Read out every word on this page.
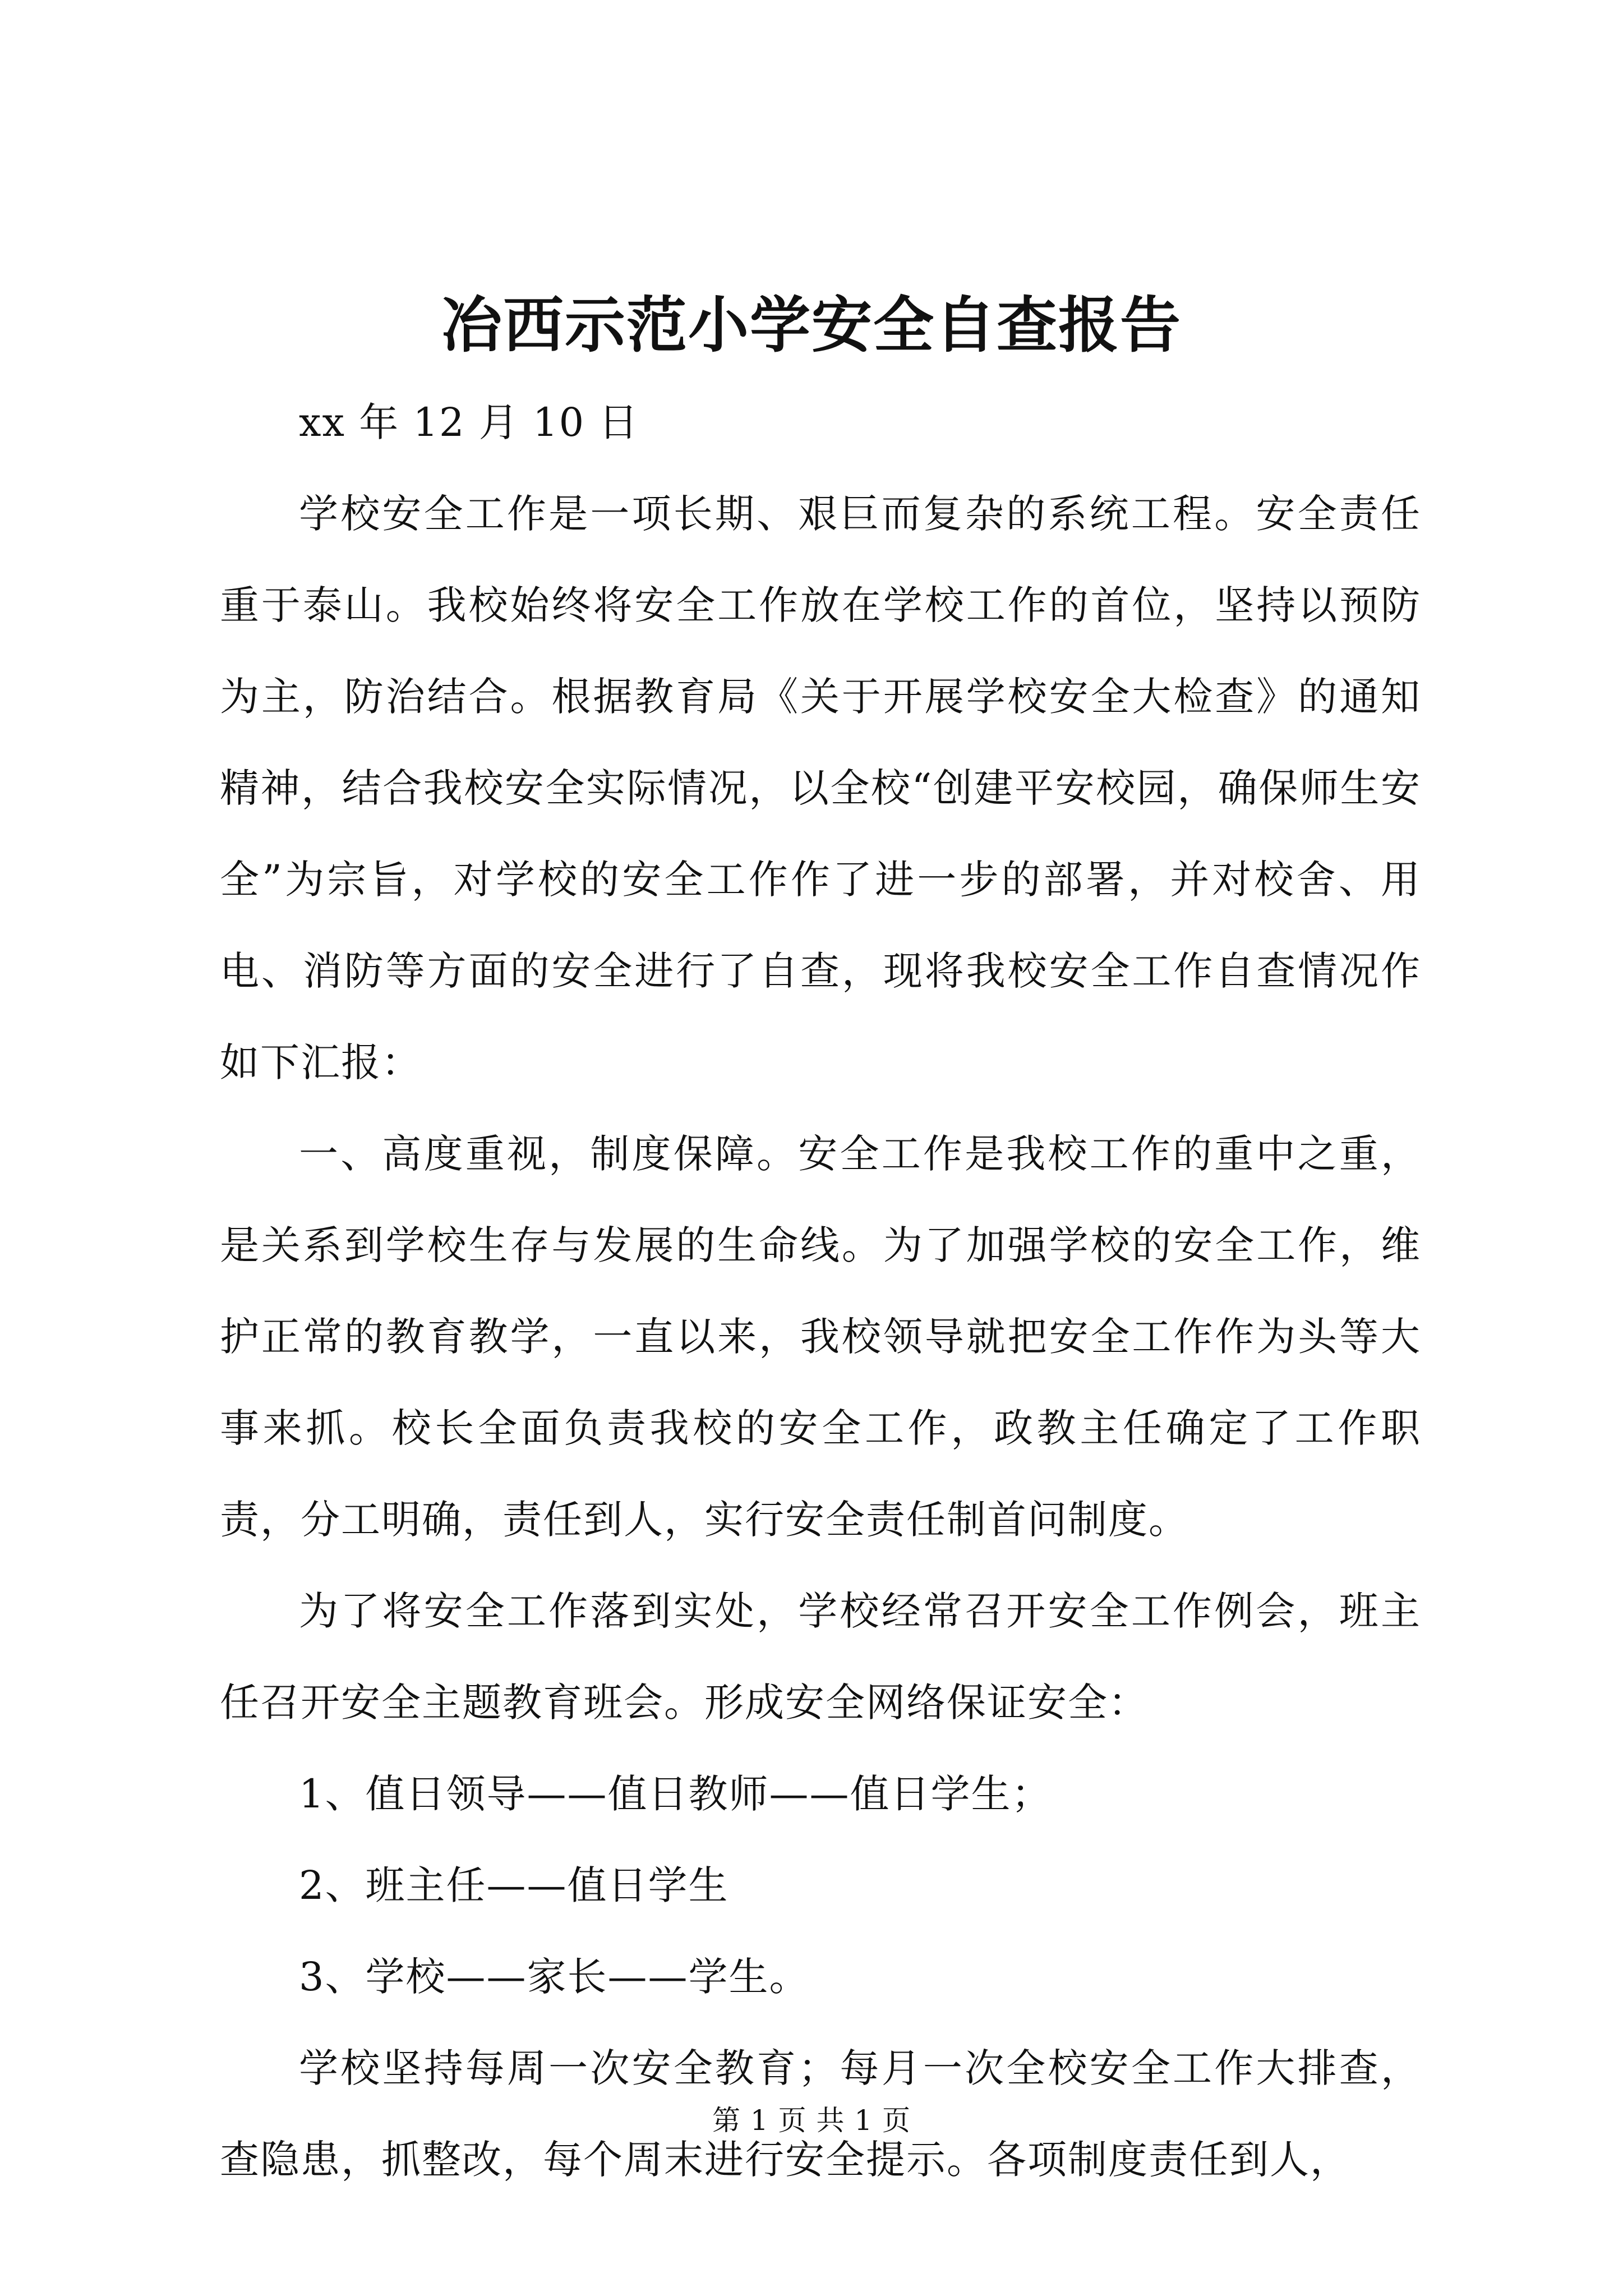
冶西示范小学安全自查报告

xx 年 12 月 10 日

学校安全工作是一项长期、艰巨而复杂的系统工程。安全责任重于泰山。我校始终将安全工作放在学校工作的首位，坚持以预防为主，防治结合。根据教育局《关于开展学校安全大检查》的通知精神，结合我校安全实际情况，以全校“创建平安校园，确保师生安全”为宗旨，对学校的安全工作作了进一步的部署，并对校舍、用电、消防等方面的安全进行了自查，现将我校安全工作自查情况作如下汇报：

一、高度重视，制度保障。安全工作是我校工作的重中之重，是关系到学校生存与发展的生命线。为了加强学校的安全工作，维护正常的教育教学，一直以来，我校领导就把安全工作作为头等大事来抓。校长全面负责我校的安全工作，政教主任确定了工作职责，分工明确，责任到人，实行安全责任制首问制度。

为了将安全工作落到实处，学校经常召开安全工作例会，班主任召开安全主题教育班会。形成安全网络保证安全：

1、值日领导——值日教师——值日学生；

2、班主任——值日学生

3、学校——家长——学生。

学校坚持每周一次安全教育；每月一次全校安全工作大排查，查隐患，抓整改，每个周末进行安全提示。各项制度责任到人，

第 1 页 共 1 页
